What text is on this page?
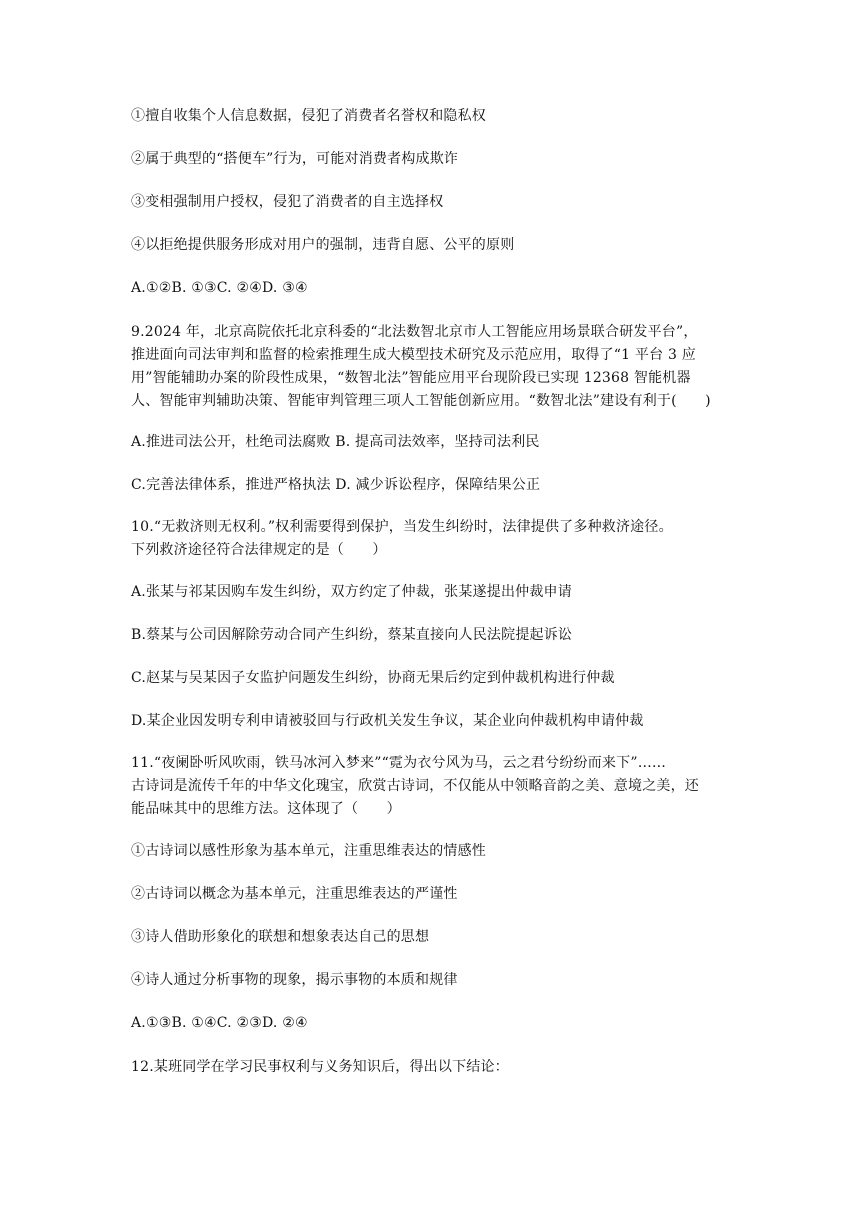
①擅自收集个人信息数据，侵犯了消费者名誉权和隐私权
②属于典型的“搭便车”行为，可能对消费者构成欺诈
③变相强制用户授权，侵犯了消费者的自主选择权
④以拒绝提供服务形成对用户的强制，违背自愿、公平的原则
A.①②B. ①③C. ②④D. ③④
9.2024 年，北京高院依托北京科委的“北法数智北京市人工智能应用场景联合研发平台”，
推进面向司法审判和监督的检索推理生成大模型技术研究及示范应用，取得了“1 平台 3 应
用”智能辅助办案的阶段性成果，“数智北法”智能应用平台现阶段已实现 12368 智能机器
人、智能审判辅助决策、智能审判管理三项人工智能创新应用。“数智北法”建设有利于(　　)
A.推进司法公开，杜绝司法腐败 B. 提高司法效率，坚持司法利民
C.完善法律体系，推进严格执法 D. 减少诉讼程序，保障结果公正
10.“无救济则无权利。”权利需要得到保护，当发生纠纷时，法律提供了多种救济途径。
下列救济途径符合法律规定的是（　　）
A.张某与祁某因购车发生纠纷，双方约定了仲裁，张某遂提出仲裁申请
B.蔡某与公司因解除劳动合同产生纠纷，蔡某直接向人民法院提起诉讼
C.赵某与吴某因子女监护问题发生纠纷，协商无果后约定到仲裁机构进行仲裁
D.某企业因发明专利申请被驳回与行政机关发生争议，某企业向仲裁机构申请仲裁
11.“夜阑卧听风吹雨，铁马冰河入梦来”“霓为衣兮风为马，云之君兮纷纷而来下”……
古诗词是流传千年的中华文化瑰宝，欣赏古诗词，不仅能从中领略音韵之美、意境之美，还
能品味其中的思维方法。这体现了（　　）
①古诗词以感性形象为基本单元，注重思维表达的情感性
②古诗词以概念为基本单元，注重思维表达的严谨性
③诗人借助形象化的联想和想象表达自己的思想
④诗人通过分析事物的现象，揭示事物的本质和规律
A.①③B. ①④C. ②③D. ②④
12.某班同学在学习民事权利与义务知识后，得出以下结论：
